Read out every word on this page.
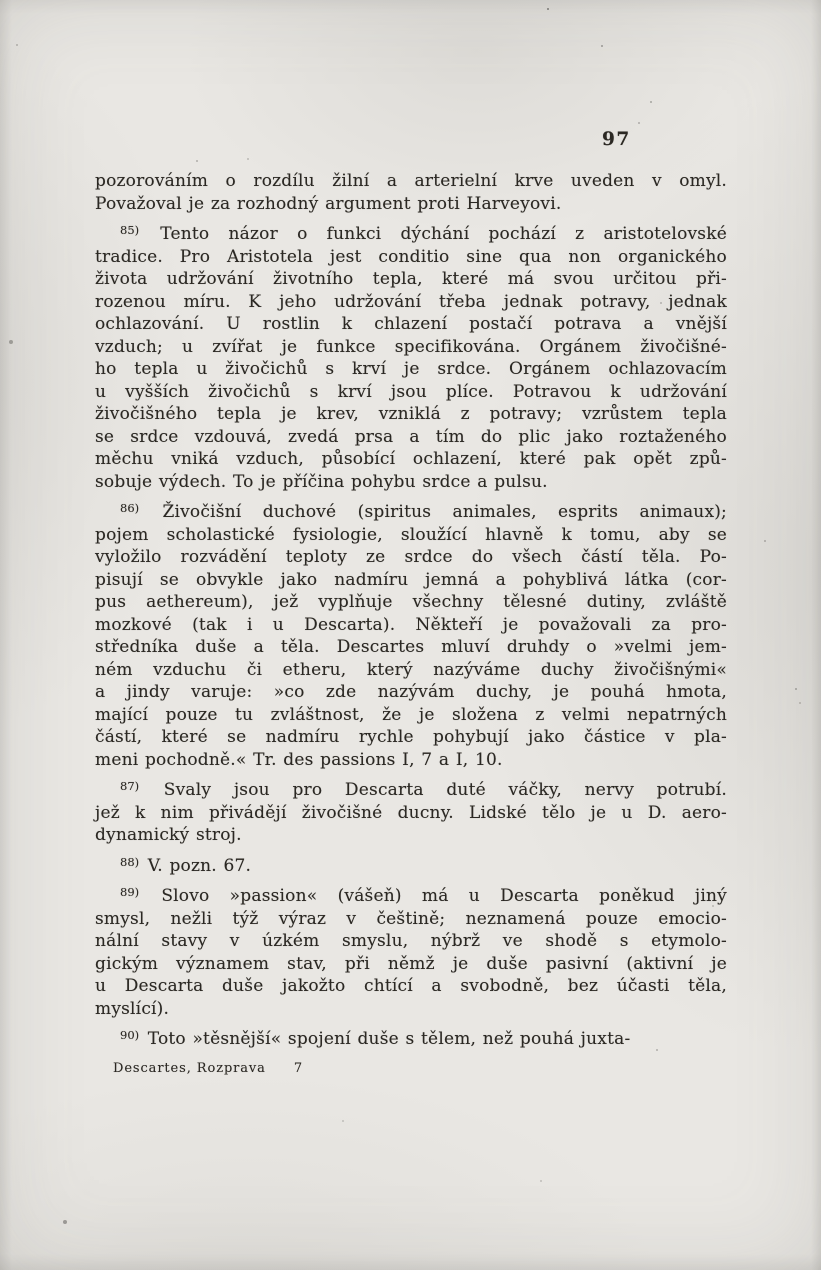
97
pozorováním o rozdílu žilní a arterielní krve uveden v omyl.
Považoval je za rozhodný argument proti Harveyovi.
$^{85)}$ Tento názor o funkci dýchání pochází z aristotelovské
tradice. Pro Aristotela jest conditio sine qua non organického
života udržování životního tepla, které má svou určitou při-
rozenou míru. K jeho udržování třeba jednak potravy, jednak
ochlazování. U rostlin k chlazení postačí potrava a vnější
vzduch; u zvířat je funkce specifikována. Orgánem živočišné-
ho tepla u živočichů s krví je srdce. Orgánem ochlazovacím
u vyšších živočichů s krví jsou plíce. Potravou k udržování
živočišného tepla je krev, vzniklá z potravy; vzrůstem tepla
se srdce vzdouvá, zvedá prsa a tím do plic jako roztaženého
měchu vniká vzduch, působící ochlazení, které pak opět způ-
sobuje výdech. To je příčina pohybu srdce a pulsu.
$^{86)}$ Živočišní duchové (spiritus animales, esprits animaux);
pojem scholastické fysiologie, sloužící hlavně k tomu, aby se
vyložilo rozvádění teploty ze srdce do všech částí těla. Po-
pisují se obvykle jako nadmíru jemná a pohyblivá látka (cor-
pus aethereum), jež vyplňuje všechny tělesné dutiny, zvláště
mozkové (tak i u Descarta). Někteří je považovali za pro-
středníka duše a těla. Descartes mluví druhdy o »velmi jem-
ném vzduchu či etheru, který nazýváme duchy živočišnými«
a jindy varuje: »co zde nazývám duchy, je pouhá hmota,
mající pouze tu zvláštnost, že je složena z velmi nepatrných
částí, které se nadmíru rychle pohybují jako částice v pla-
meni pochodně.« Tr. des passions I, 7 a I, 10.
$^{87)}$ Svaly jsou pro Descarta duté váčky, nervy potrubí.
jež k nim přivádějí živočišné ducny. Lidské tělo je u D. aero-
dynamický stroj.
$^{88)}$ V. pozn. 67.
$^{89)}$ Slovo »passion« (vášeň) má u Descarta poněkud jiný
smysl, nežli týž výraz v češtině; neznamená pouze emocio-
nální stavy v úzkém smyslu, nýbrž ve shodě s etymolo-
gickým významem stav, při němž je duše pasivní (aktivní je
u Descarta duše jakožto chtící a svobodně, bez účasti těla,
myslící).
$^{90)}$ Toto »těsnější« spojení duše s tělem, než pouhá juxta-
Descartes, Rozprava 7
